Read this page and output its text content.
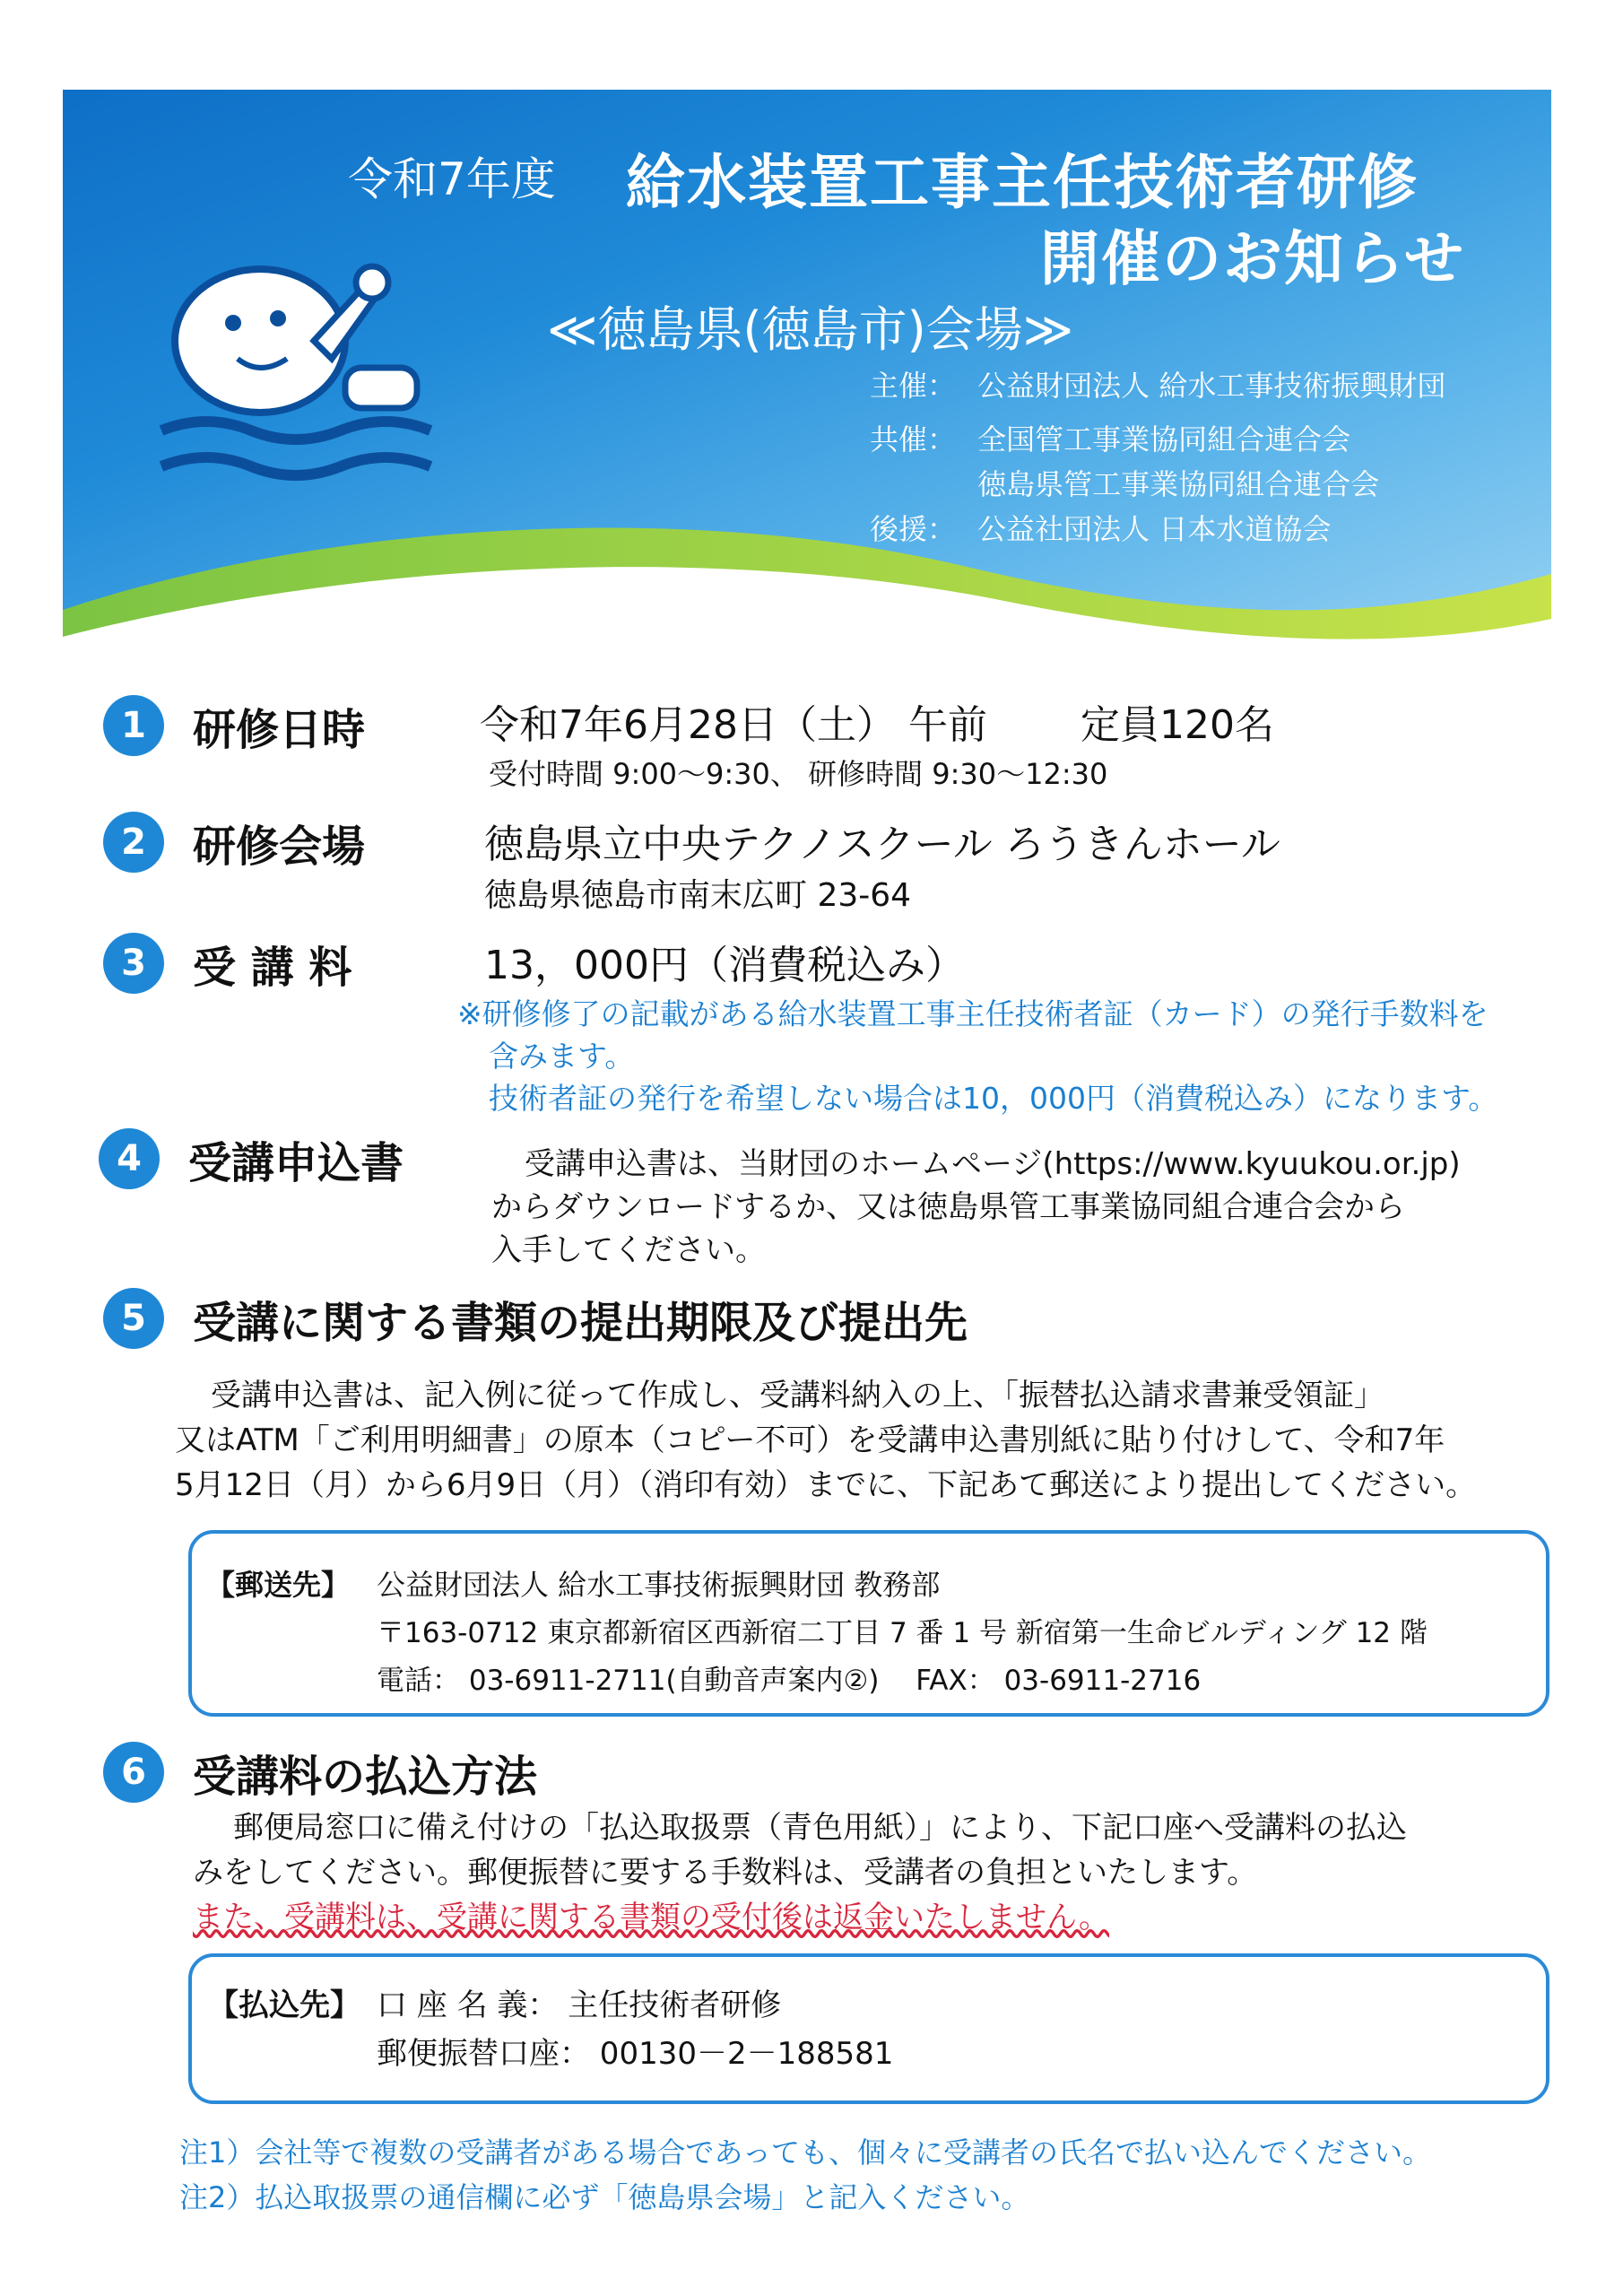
令和7年度 給水装置工事主任技術者研修
開催のお知らせ
≪徳島県(徳島市)会場≫
主催： 公益財団法人 給水工事技術振興財団
共催： 全国管工事業協同組合連合会
徳島県管工事業協同組合連合会
後援： 公益社団法人 日本水道協会
1	研修日時	令和7年6月28日（土） 午前 定員120名
受付時間 9:00～9:30、 研修時間 9:30～12:30
2	研修会場	徳島県立中央テクノスクール ろうきんホール
徳島県徳島市南末広町 23-64
3	受 講 料	13，000円（消費税込み）
※研修修了の記載がある給水装置工事主任技術者証（カード）の発行手数料を
含みます。
技術者証の発行を希望しない場合は10，000円（消費税込み）になります。
4	受講申込書	受講申込書は、当財団のホームページ(https://www.kyuukou.or.jp)
からダウンロードするか、又は徳島県管工事業協同組合連合会から
入手してください。
5	受講に関する書類の提出期限及び提出先
受講申込書は、記入例に従って作成し、受講料納入の上、「振替払込請求書兼受領証」
又はATM「ご利用明細書」の原本（コピー不可）を受講申込書別紙に貼り付けして、令和7年
5月12日（月）から6月9日（月）（消印有効）までに、下記あて郵送により提出してください。
【郵送先】 公益財団法人 給水工事技術振興財団 教務部
〒163-0712 東京都新宿区西新宿二丁目 7 番 1 号 新宿第一生命ビルディング 12 階
電話： 03-6911-2711(自動音声案内②)　 FAX： 03-6911-2716
6	受講料の払込方法
郵便局窓口に備え付けの「払込取扱票（青色用紙）」により、下記口座へ受講料の払込
みをしてください。郵便振替に要する手数料は、受講者の負担といたします。
また、受講料は、受講に関する書類の受付後は返金いたしません。
【払込先】 口 座 名 義： 主任技術者研修
郵便振替口座： 00130－2－188581
注1）会社等で複数の受講者がある場合であっても、個々に受講者の氏名で払い込んでください。
注2）払込取扱票の通信欄に必ず「徳島県会場」と記入ください。
